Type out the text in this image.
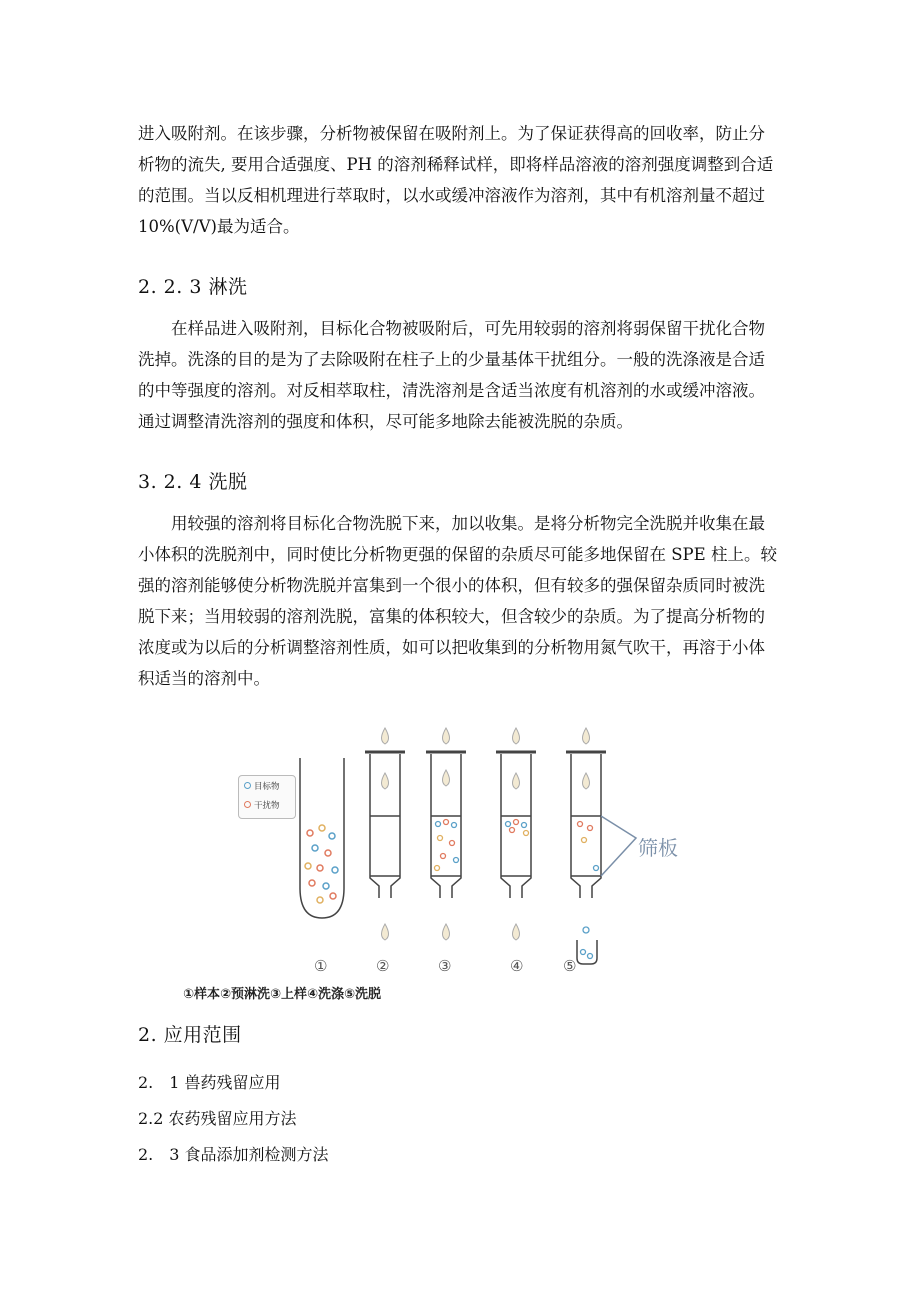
进入吸附剂。在该步骤，分析物被保留在吸附剂上。为了保证获得高的回收率，防止分
析物的流失, 要用合适强度、PH 的溶剂稀释试样，即将样品溶液的溶剂强度调整到合适
的范围。当以反相机理进行萃取时，以水或缓冲溶液作为溶剂，其中有机溶剂量不超过
10%(V/V)最为适合。

2. 2. 3 淋洗

在样品进入吸附剂，目标化合物被吸附后，可先用较弱的溶剂将弱保留干扰化合物
洗掉。洗涤的目的是为了去除吸附在柱子上的少量基体干扰组分。一般的洗涤液是合适
的中等强度的溶剂。对反相萃取柱，清洗溶剂是含适当浓度有机溶剂的水或缓冲溶液。
通过调整清洗溶剂的强度和体积，尽可能多地除去能被洗脱的杂质。

3. 2. 4 洗脱

用较强的溶剂将目标化合物洗脱下来，加以收集。是将分析物完全洗脱并收集在最
小体积的洗脱剂中，同时使比分析物更强的保留的杂质尽可能多地保留在 SPE 柱上。较
强的溶剂能够使分析物洗脱并富集到一个很小的体积，但有较多的强保留杂质同时被洗
脱下来；当用较弱的溶剂洗脱，富集的体积较大，但含较少的杂质。为了提高分析物的
浓度或为以后的分析调整溶剂性质，如可以把收集到的分析物用氮气吹干，再溶于小体
积适当的溶剂中。

目标物
干扰物
筛板
①	②	③	④	⑤
①样本②预淋洗③上样④洗涤⑤洗脱
2. 应用范围

2.　1 兽药残留应用

2.2 农药残留应用方法

2.　3 食品添加剂检测方法
